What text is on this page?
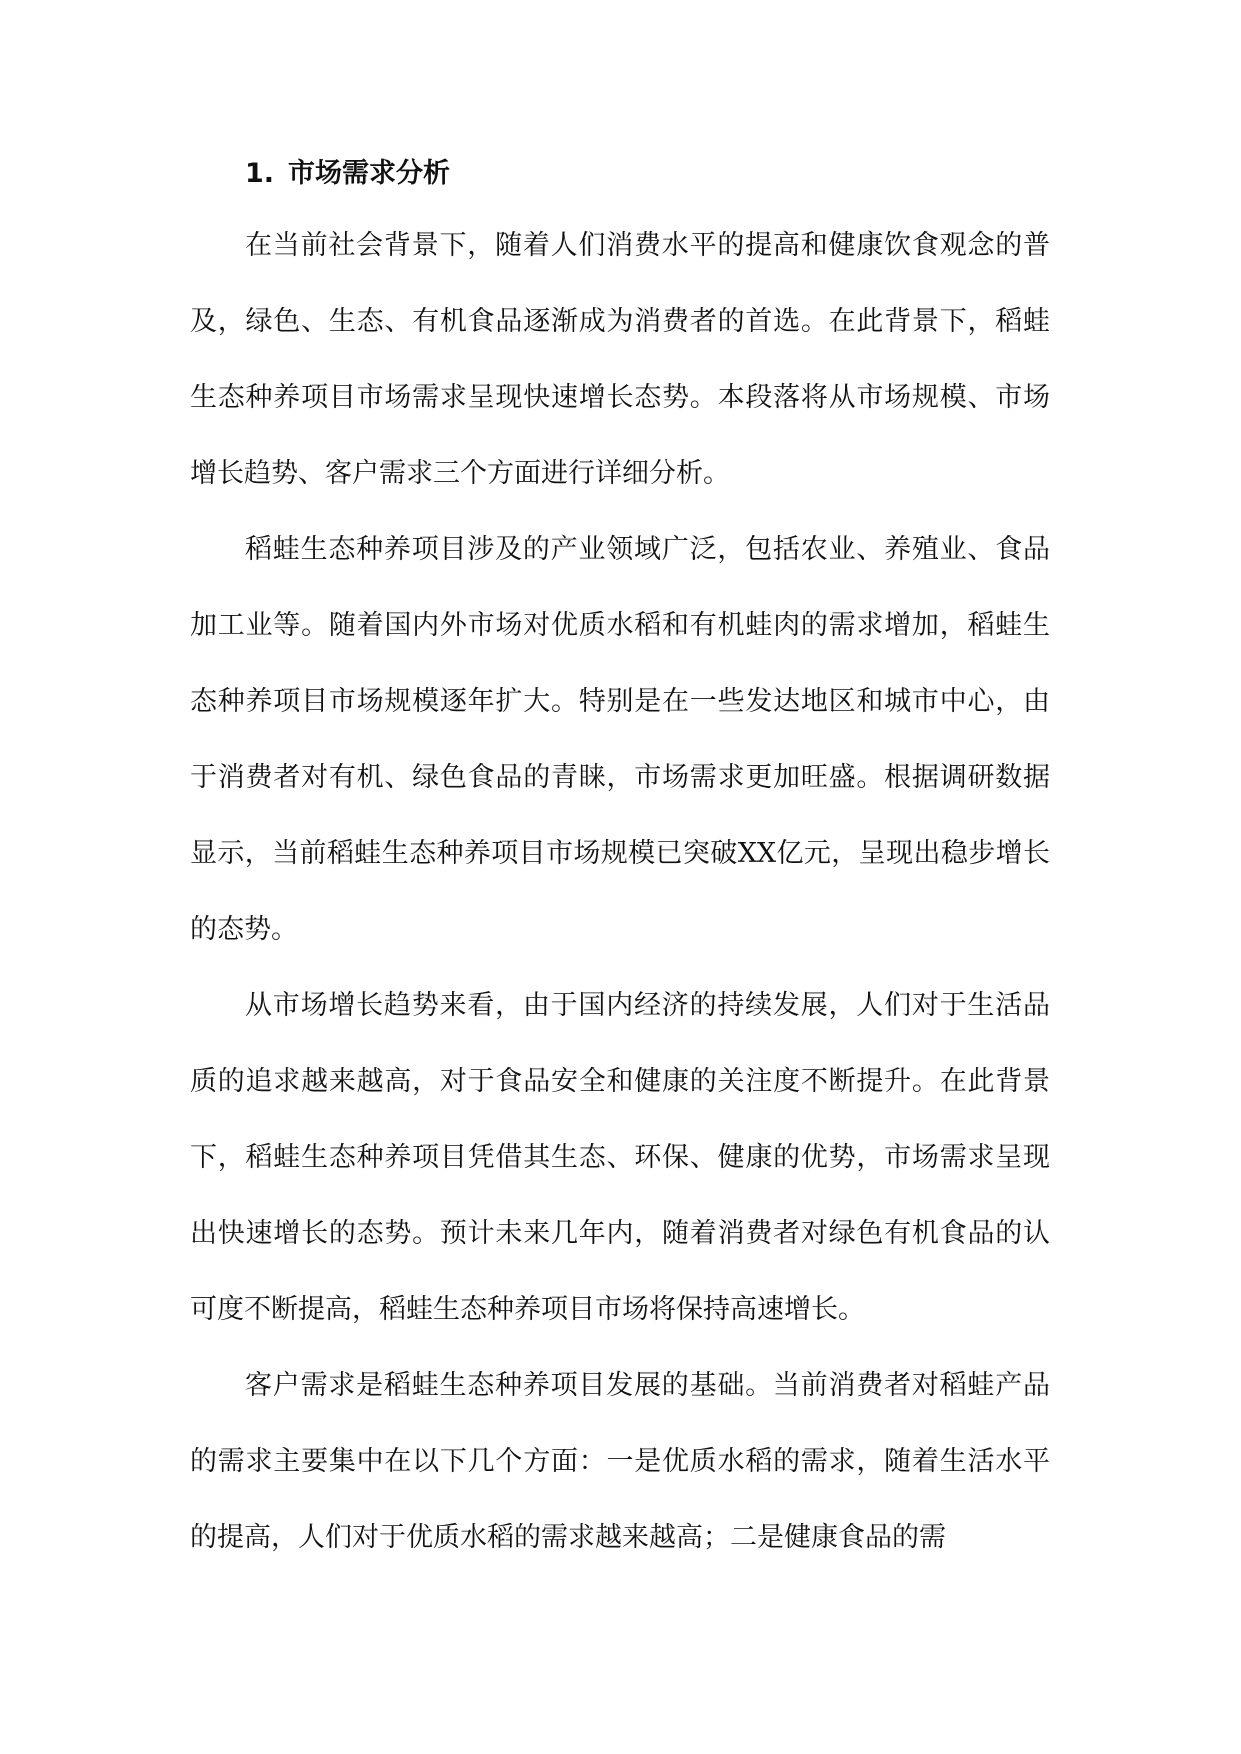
1. 市场需求分析

在当前社会背景下，随着人们消费水平的提高和健康饮食观念的普及，绿色、生态、有机食品逐渐成为消费者的首选。在此背景下，稻蛙生态种养项目市场需求呈现快速增长态势。本段落将从市场规模、市场增长趋势、客户需求三个方面进行详细分析。

稻蛙生态种养项目涉及的产业领域广泛，包括农业、养殖业、食品加工业等。随着国内外市场对优质水稻和有机蛙肉的需求增加，稻蛙生态种养项目市场规模逐年扩大。特别是在一些发达地区和城市中心，由于消费者对有机、绿色食品的青睐，市场需求更加旺盛。根据调研数据显示，当前稻蛙生态种养项目市场规模已突破XX亿元，呈现出稳步增长的态势。

从市场增长趋势来看，由于国内经济的持续发展，人们对于生活品质的追求越来越高，对于食品安全和健康的关注度不断提升。在此背景下，稻蛙生态种养项目凭借其生态、环保、健康的优势，市场需求呈现出快速增长的态势。预计未来几年内，随着消费者对绿色有机食品的认可度不断提高，稻蛙生态种养项目市场将保持高速增长。

客户需求是稻蛙生态种养项目发展的基础。当前消费者对稻蛙产品的需求主要集中在以下几个方面：一是优质水稻的需求，随着生活水平的提高，人们对于优质水稻的需求越来越高；二是健康食品的需
